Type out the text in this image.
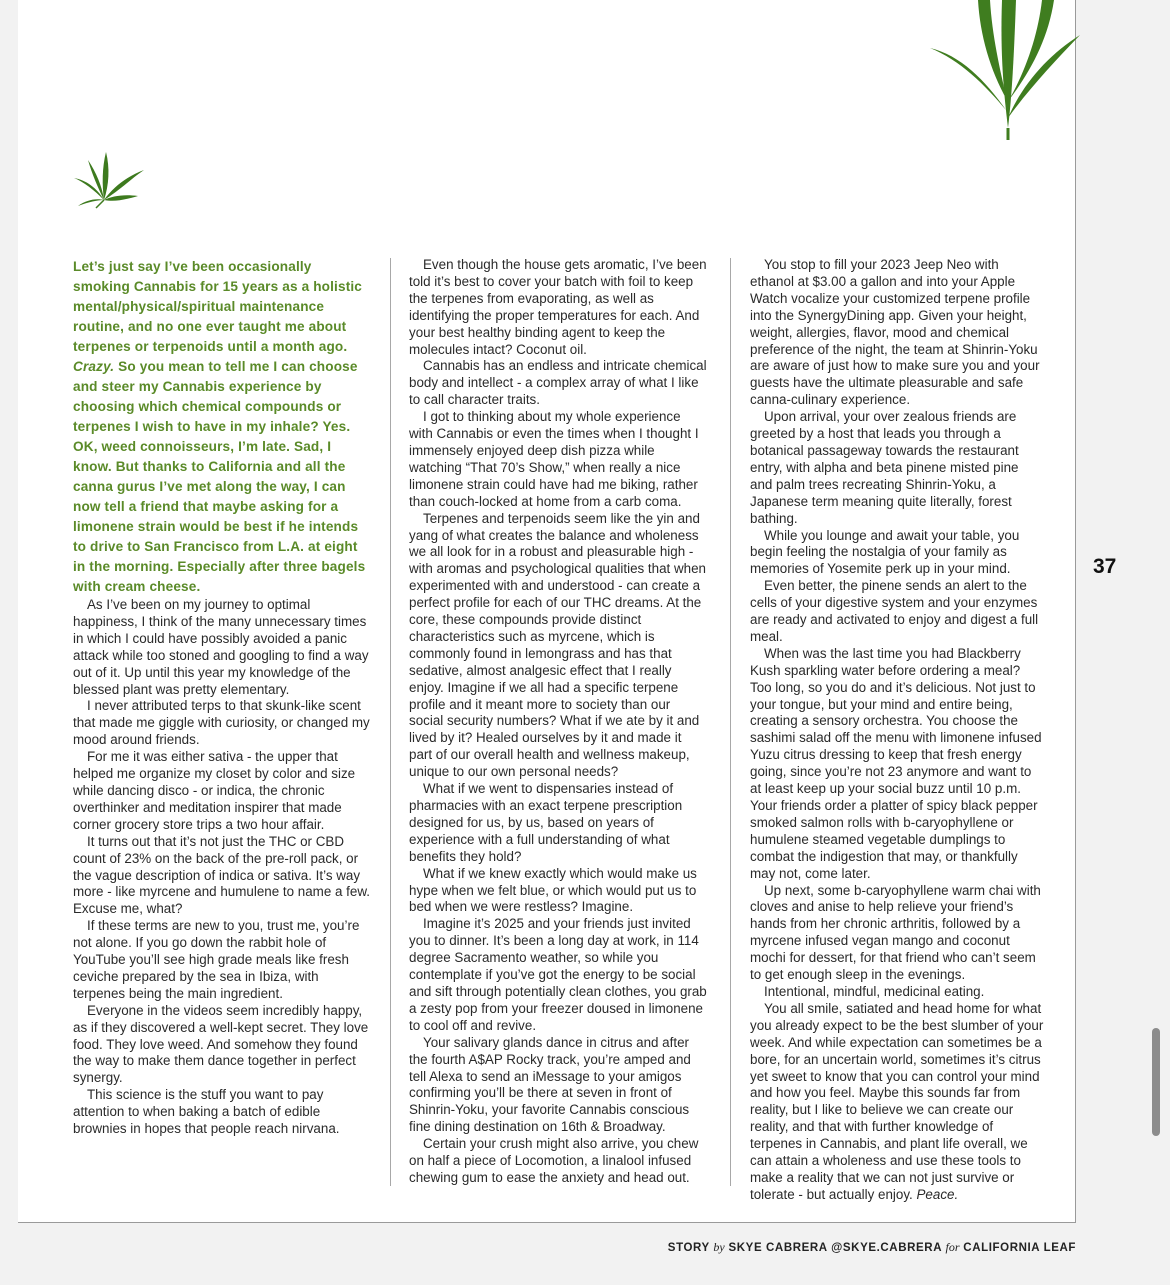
Let’s just say I’ve been occasionally smoking Cannabis for 15 years as a holistic mental/physical/spiritual maintenance routine, and no one ever taught me about terpenes or terpenoids until a month ago. Crazy. So you mean to tell me I can choose and steer my Cannabis experience by choosing which chemical compounds or terpenes I wish to have in my inhale? Yes. OK, weed connoisseurs, I’m late. Sad, I know. But thanks to California and all the canna gurus I’ve met along the way, I can now tell a friend that maybe asking for a limonene strain would be best if he intends to drive to San Francisco from L.A. at eight in the morning. Especially after three bagels with cream cheese.

As I’ve been on my journey to optimal happiness, I think of the many unnecessary times in which I could have possibly avoided a panic attack while too stoned and googling to find a way out of it. Up until this year my knowledge of the blessed plant was pretty elementary.

I never attributed terps to that skunk-like scent that made me giggle with curiosity, or changed my mood around friends.

For me it was either sativa - the upper that helped me organize my closet by color and size while dancing disco - or indica, the chronic overthinker and meditation inspirer that made corner grocery store trips a two hour affair.

It turns out that it’s not just the THC or CBD count of 23% on the back of the pre-roll pack, or the vague description of indica or sativa. It’s way more - like myrcene and humulene to name a few. Excuse me, what?

If these terms are new to you, trust me, you’re not alone. If you go down the rabbit hole of YouTube you’ll see high grade meals like fresh ceviche prepared by the sea in Ibiza, with terpenes being the main ingredient.

Everyone in the videos seem incredibly happy, as if they discovered a well-kept secret. They love food. They love weed. And somehow they found the way to make them dance together in perfect synergy.

This science is the stuff you want to pay attention to when baking a batch of edible brownies in hopes that people reach nirvana.

Even though the house gets aromatic, I’ve been told it’s best to cover your batch with foil to keep the terpenes from evaporating, as well as identifying the proper temperatures for each. And your best healthy binding agent to keep the molecules intact? Coconut oil.

Cannabis has an endless and intricate chemical body and intellect - a complex array of what I like to call character traits.

I got to thinking about my whole experience with Cannabis or even the times when I thought I immensely enjoyed deep dish pizza while watching “That 70’s Show,” when really a nice limonene strain could have had me biking, rather than couch-locked at home from a carb coma.

Terpenes and terpenoids seem like the yin and yang of what creates the balance and wholeness we all look for in a robust and pleasurable high - with aromas and psychological qualities that when experimented with and understood - can create a perfect profile for each of our THC dreams. At the core, these compounds provide distinct characteristics such as myrcene, which is commonly found in lemongrass and has that sedative, almost analgesic effect that I really enjoy. Imagine if we all had a specific terpene profile and it meant more to society than our social security numbers? What if we ate by it and lived by it? Healed ourselves by it and made it part of our overall health and wellness makeup, unique to our own personal needs?

What if we went to dispensaries instead of pharmacies with an exact terpene prescription designed for us, by us, based on years of experience with a full understanding of what benefits they hold?

What if we knew exactly which would make us hype when we felt blue, or which would put us to bed when we were restless? Imagine.

Imagine it’s 2025 and your friends just invited you to dinner. It’s been a long day at work, in 114 degree Sacramento weather, so while you contemplate if you’ve got the energy to be social and sift through potentially clean clothes, you grab a zesty pop from your freezer doused in limonene to cool off and revive.

Your salivary glands dance in citrus and after the fourth A$AP Rocky track, you’re amped and tell Alexa to send an iMessage to your amigos confirming you’ll be there at seven in front of Shinrin-Yoku, your favorite Cannabis conscious fine dining destination on 16th & Broadway.

Certain your crush might also arrive, you chew on half a piece of Locomotion, a linalool infused chewing gum to ease the anxiety and head out.

You stop to fill your 2023 Jeep Neo with ethanol at $3.00 a gallon and into your Apple Watch vocalize your customized terpene profile into the SynergyDining app. Given your height, weight, allergies, flavor, mood and chemical preference of the night, the team at Shinrin-Yoku are aware of just how to make sure you and your guests have the ultimate pleasurable and safe canna-culinary experience.

Upon arrival, your over zealous friends are greeted by a host that leads you through a botanical passageway towards the restaurant entry, with alpha and beta pinene misted pine and palm trees recreating Shinrin-Yoku, a Japanese term meaning quite literally, forest bathing.

While you lounge and await your table, you begin feeling the nostalgia of your family as memories of Yosemite perk up in your mind.

Even better, the pinene sends an alert to the cells of your digestive system and your enzymes are ready and activated to enjoy and digest a full meal.

When was the last time you had Blackberry Kush sparkling water before ordering a meal? Too long, so you do and it’s delicious. Not just to your tongue, but your mind and entire being, creating a sensory orchestra. You choose the sashimi salad off the menu with limonene infused Yuzu citrus dressing to keep that fresh energy going, since you’re not 23 anymore and want to at least keep up your social buzz until 10 p.m. Your friends order a platter of spicy black pepper smoked salmon rolls with b-caryophyllene or humulene steamed vegetable dumplings to combat the indigestion that may, or thankfully may not, come later.

Up next, some b-caryophyllene warm chai with cloves and anise to help relieve your friend’s hands from her chronic arthritis, followed by a myrcene infused vegan mango and coconut mochi for dessert, for that friend who can’t seem to get enough sleep in the evenings.

Intentional, mindful, medicinal eating.

You all smile, satiated and head home for what you already expect to be the best slumber of your week. And while expectation can sometimes be a bore, for an uncertain world, sometimes it’s citrus yet sweet to know that you can control your mind and how you feel. Maybe this sounds far from reality, but I like to believe we can create our reality, and that with further knowledge of terpenes in Cannabis, and plant life overall, we can attain a wholeness and use these tools to make a reality that we can not just survive or tolerate - but actually enjoy. Peace.

37
STORY by SKYE CABRERA @SKYE.CABRERA for CALIFORNIA LEAF
